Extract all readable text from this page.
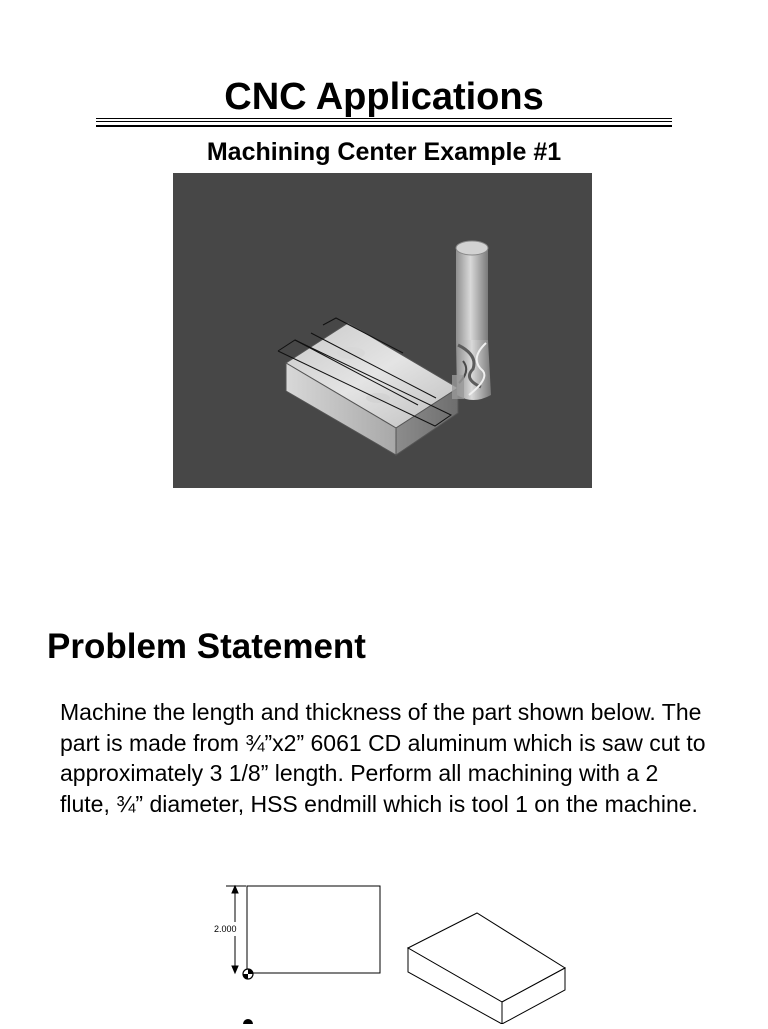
CNC Applications
Machining Center Example #1
Problem Statement

Machine the length and thickness of the part shown below. The part is made from ¾”x2” 6061 CD aluminum which is saw cut to approximately 3 1/8” length. Perform all machining with a 2 flute, ¾” diameter, HSS endmill which is tool 1 on the machine.

2.000
